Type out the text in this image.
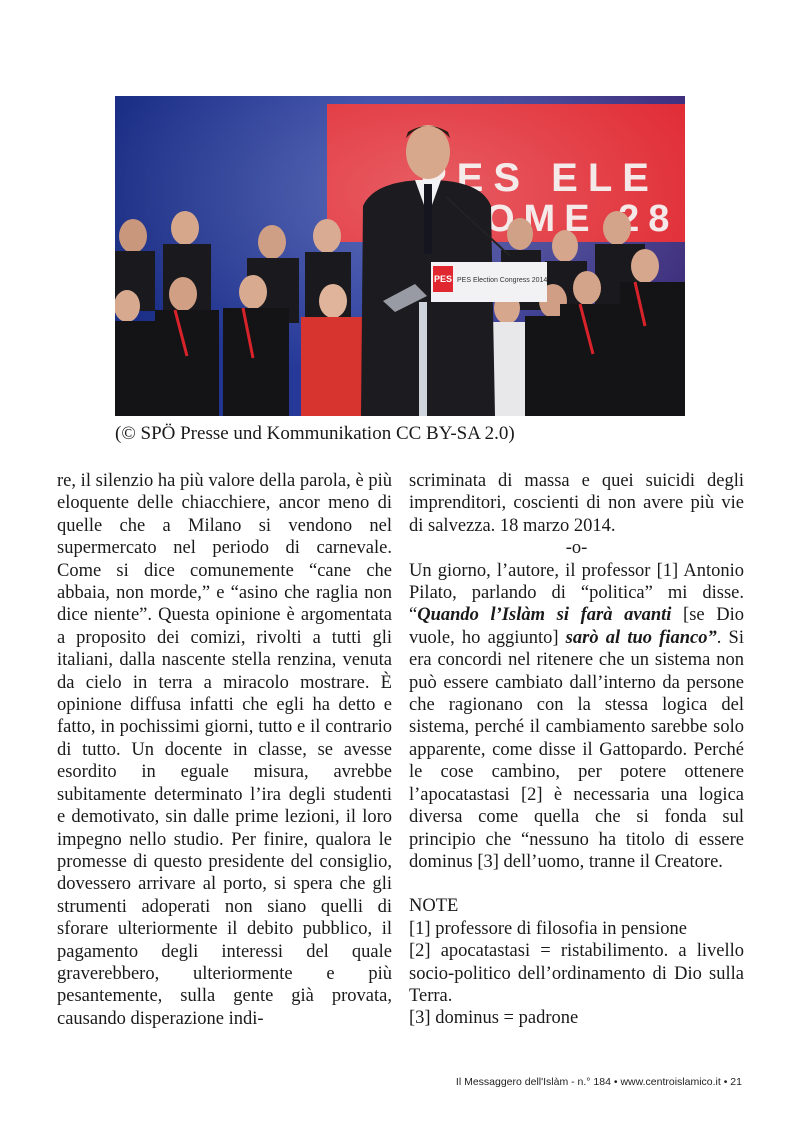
PES PES Election Congress 2014
(© SPÖ Presse und Kommunikation CC BY-SA 2.0)

re, il silenzio ha più valore della parola, è più eloquente delle chiacchiere, ancor meno di quelle che a Milano si vendono nel supermercato nel periodo di carnevale. Come si dice comunemente “cane che abbaia, non morde,” e “asino che raglia non dice niente”. Questa opinione è argomentata a proposito dei comizi, rivolti a tutti gli italiani, dalla nascente stella renzina, venuta da cielo in terra a miracolo mostrare. È opinione diffusa infatti che egli ha detto e fatto, in pochissimi giorni, tutto e il contrario di tutto. Un docente in classe, se avesse esordito in eguale misura, avrebbe subitamente determinato l’ira degli studenti e demotivato, sin dalle prime lezioni, il loro impegno nello studio. Per finire, qualora le promesse di questo presidente del consiglio, dovessero arrivare al porto, si spera che gli strumenti adoperati non siano quelli di sforare ulteriormente il debito pubblico, il pagamento degli interessi del quale graverebbero, ulteriormente e più pesantemente, sulla gente già provata, causando disperazione indi-

scriminata di massa e quei suicidi degli imprenditori, coscienti di non avere più vie di salvezza. 18 marzo 2014.

-o-

Un giorno, l’autore, il professor [1] Antonio Pilato, parlando di “politica” mi disse. “Quando l’Islàm si farà avanti [se Dio vuole, ho aggiunto] sarò al tuo fianco”. Si era concordi nel ritenere che un sistema non può essere cambiato dall’interno da persone che ragionano con la stessa logica del sistema, perché il cambiamento sarebbe solo apparente, come disse il Gattopardo. Perché le cose cambino, per potere ottenere l’apocatastasi [2] è necessaria una logica diversa come quella che si fonda sul principio che “nessuno ha titolo di essere dominus [3] dell’uomo, tranne il Creatore.

NOTE

[1] professore di filosofia in pensione

[2] apocatastasi = ristabilimento. a livello socio-politico dell’ordinamento di Dio sulla Terra.

[3] dominus = padrone

Il Messaggero dell'Islàm - n.° 184 • www.centroislamico.it • 21
